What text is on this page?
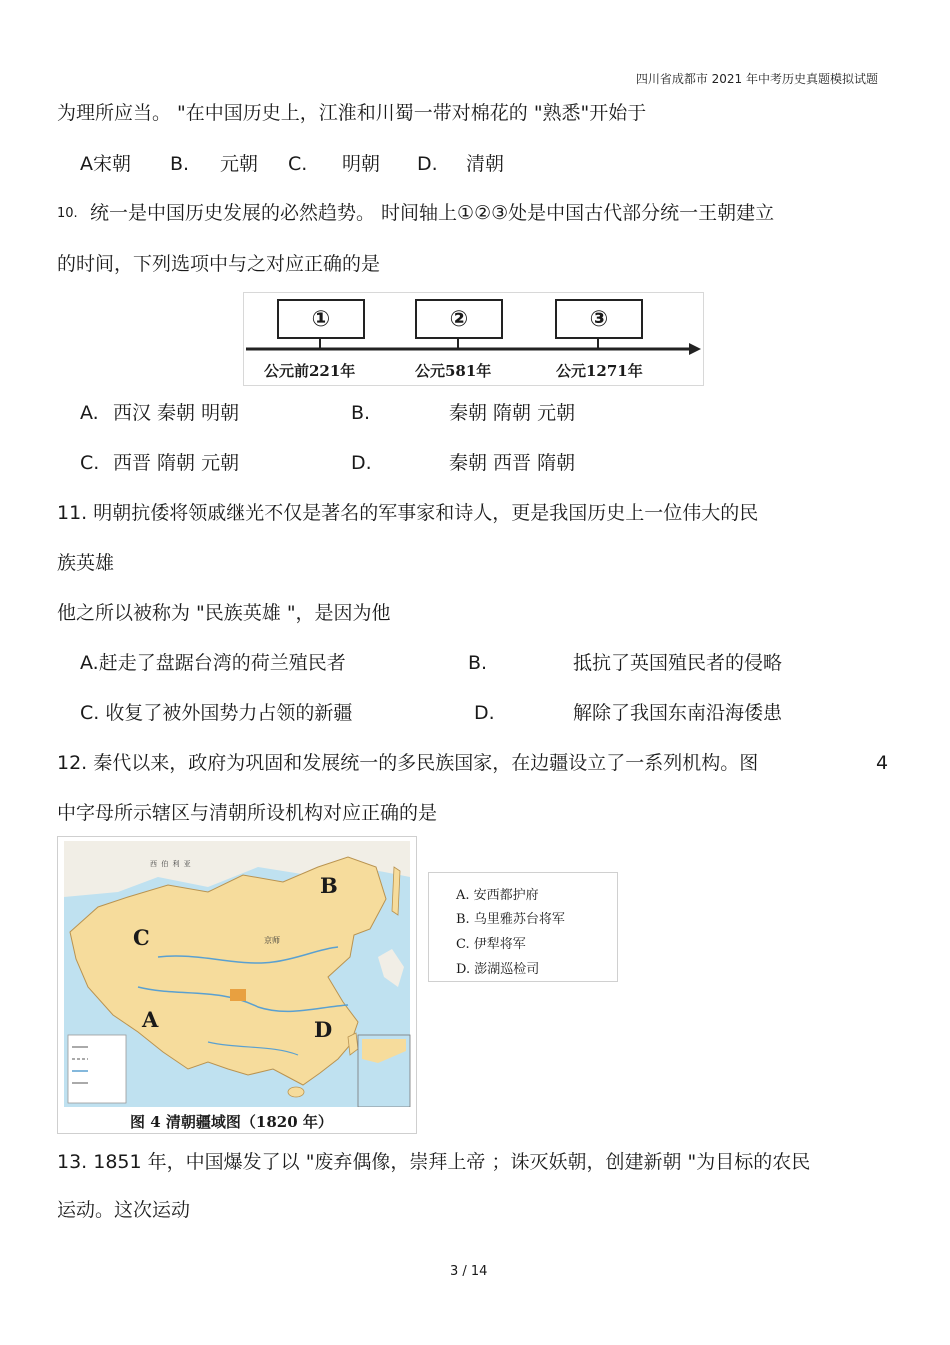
四川省成都市 2021 年中考历史真题模拟试题
为理所应当。 "在中国历史上，江淮和川蜀一带对棉花的 "熟悉"开始于
A宋朝 B. 元朝 C. 明朝 D. 清朝
10. 统一是中国历史发展的必然趋势。 时间轴上①②③处是中国古代部分统一王朝建立
的时间，下列选项中与之对应正确的是
①	②	③
公元前221年	公元581年	公元1271年
A. 西汉 秦朝 明朝	B.	秦朝 隋朝 元朝
C. 西晋 隋朝 元朝	D.	秦朝 西晋 隋朝
11. 明朝抗倭将领戚继光不仅是著名的军事家和诗人，更是我国历史上一位伟大的民
族英雄
他之所以被称为 "民族英雄 "，是因为他
A.赶走了盘踞台湾的荷兰殖民者	B.	抵抗了英国殖民者的侵略
C. 收复了被外国势力占领的新疆	D.	解除了我国东南沿海倭患
12. 秦代以来，政府为巩固和发展统一的多民族国家，在边疆设立了一系列机构。图	4
中字母所示辖区与清朝所设机构对应正确的是
西 伯 利 亚
京师
A
B
C
D
图 4 清朝疆域图（1820 年）
A. 安西都护府
B. 乌里雅苏台将军
C. 伊犁将军
D. 澎湖巡检司
13. 1851 年，中国爆发了以 "废弃偶像，崇拜上帝 ；诛灭妖朝，创建新朝 "为目标的农民
运动。这次运动
3 / 14
